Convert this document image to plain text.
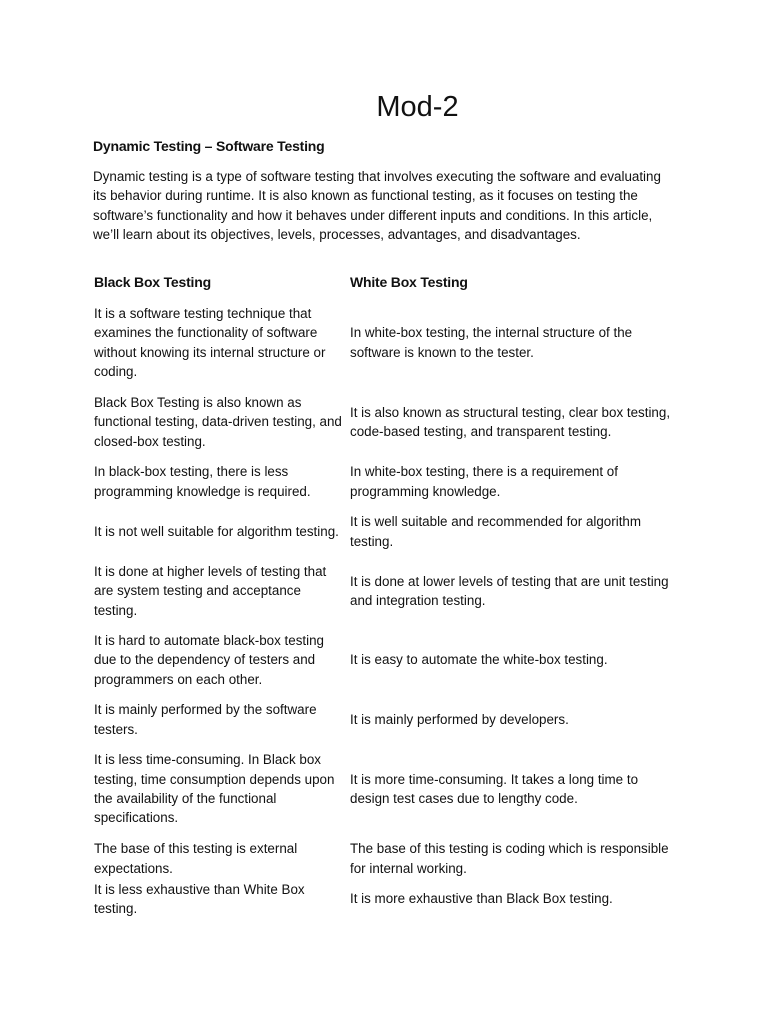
Mod-2
Dynamic Testing – Software Testing

Dynamic testing is a type of software testing that involves executing the software and evaluating its behavior during runtime. It is also known as functional testing, as it focuses on testing the software’s functionality and how it behaves under different inputs and conditions. In this article, we’ll learn about its objectives, levels, processes, advantages, and disadvantages.

Black Box Testing	White Box Testing
It is a software testing technique that examines the functionality of software without knowing its internal structure or coding.
In white-box testing, the internal structure of the software is known to the tester.
Black Box Testing is also known as functional testing, data-driven testing, and closed-box testing.
It is also known as structural testing, clear box testing, code-based testing, and transparent testing.
In black-box testing, there is less programming knowledge is required.
In white-box testing, there is a requirement of programming knowledge.
It is not well suitable for algorithm testing.
It is well suitable and recommended for algorithm testing.
It is done at higher levels of testing that are system testing and acceptance testing.
It is done at lower levels of testing that are unit testing and integration testing.
It is hard to automate black-box testing due to the dependency of testers and programmers on each other.
It is easy to automate the white-box testing.
It is mainly performed by the software testers.
It is mainly performed by developers.
It is less time-consuming. In Black box testing, time consumption depends upon the availability of the functional specifications.
It is more time-consuming. It takes a long time to design test cases due to lengthy code.
The base of this testing is external expectations.
The base of this testing is coding which is responsible for internal working.
It is less exhaustive than White Box testing.
It is more exhaustive than Black Box testing.
